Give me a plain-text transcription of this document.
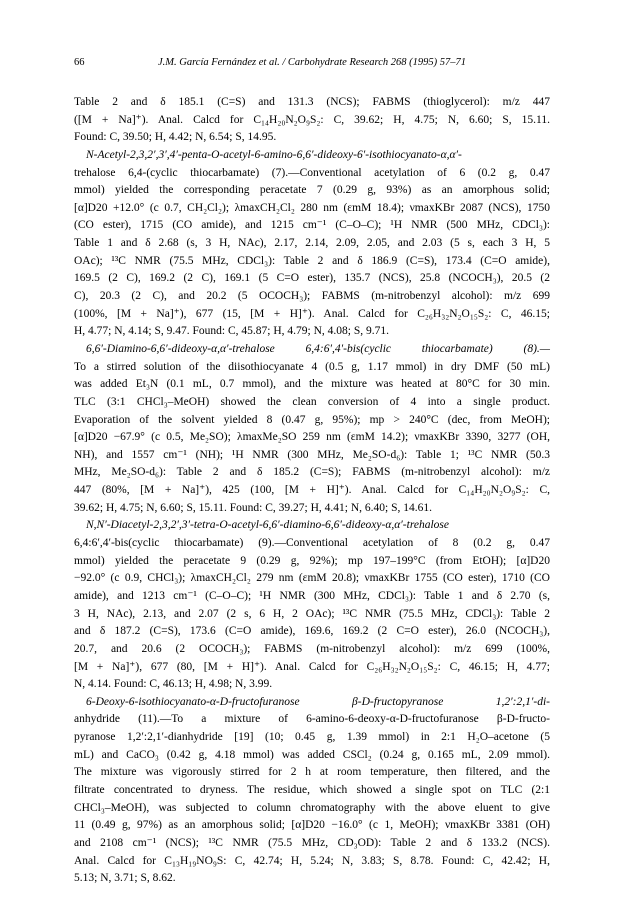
66	J.M. García Fernández et al. / Carbohydrate Research 268 (1995) 57–71
Table 2 and δ 185.1 (C=S) and 131.3 (NCS); FABMS (thioglycerol): m/z 447
([M + Na]⁺). Anal. Calcd for C₁₄H₂₀N₂O₉S₂: C, 39.62; H, 4.75; N, 6.60; S, 15.11.
Found: C, 39.50; H, 4.42; N, 6.54; S, 14.95.
N-Acetyl-2,3,2′,3′,4′-penta-O-acetyl-6-amino-6,6′-dideoxy-6′-isothiocyanato-α,α′-
trehalose 6,4-(cyclic thiocarbamate) (7).—Conventional acetylation of 6 (0.2 g, 0.47
mmol) yielded the corresponding peracetate 7 (0.29 g, 93%) as an amorphous solid;
[α]D20 +12.0° (c 0.7, CH₂Cl₂); λmaxCH₂Cl₂ 280 nm (εmM 18.4); νmaxKBr 2087 (NCS), 1750
(CO ester), 1715 (CO amide), and 1215 cm⁻¹ (C–O–C); ¹H NMR (500 MHz, CDCl₃):
Table 1 and δ 2.68 (s, 3 H, NAc), 2.17, 2.14, 2.09, 2.05, and 2.03 (5 s, each 3 H, 5
OAc); ¹³C NMR (75.5 MHz, CDCl₃): Table 2 and δ 186.9 (C=S), 173.4 (C=O amide),
169.5 (2 C), 169.2 (2 C), 169.1 (5 C=O ester), 135.7 (NCS), 25.8 (NCOCH₃), 20.5 (2
C), 20.3 (2 C), and 20.2 (5 OCOCH₃); FABMS (m-nitrobenzyl alcohol): m/z 699
(100%, [M + Na]⁺), 677 (15, [M + H]⁺). Anal. Calcd for C₂₆H₃₂N₂O₁₅S₂: C, 46.15;
H, 4.77; N, 4.14; S, 9.47. Found: C, 45.87; H, 4.79; N, 4.08; S, 9.71.
6,6′-Diamino-6,6′-dideoxy-α,α′-trehalose 6,4:6′,4′-bis(cyclic thiocarbamate) (8).—
To a stirred solution of the diisothiocyanate 4 (0.5 g, 1.17 mmol) in dry DMF (50 mL)
was added Et₃N (0.1 mL, 0.7 mmol), and the mixture was heated at 80°C for 30 min.
TLC (3:1 CHCl₃–MeOH) showed the clean conversion of 4 into a single product.
Evaporation of the solvent yielded 8 (0.47 g, 95%); mp > 240°C (dec, from MeOH);
[α]D20 −67.9° (c 0.5, Me₂SO); λmaxMe₂SO 259 nm (εmM 14.2); νmaxKBr 3390, 3277 (OH,
NH), and 1557 cm⁻¹ (NH); ¹H NMR (300 MHz, Me₂SO-d₆): Table 1; ¹³C NMR (50.3
MHz, Me₂SO-d₆): Table 2 and δ 185.2 (C=S); FABMS (m-nitrobenzyl alcohol): m/z
447 (80%, [M + Na]⁺), 425 (100, [M + H]⁺). Anal. Calcd for C₁₄H₂₀N₂O₉S₂: C,
39.62; H, 4.75; N, 6.60; S, 15.11. Found: C, 39.27; H, 4.41; N, 6.40; S, 14.61.
N,N′-Diacetyl-2,3,2′,3′-tetra-O-acetyl-6,6′-diamino-6,6′-dideoxy-α,α′-trehalose
6,4:6′,4′-bis(cyclic thiocarbamate) (9).—Conventional acetylation of 8 (0.2 g, 0.47
mmol) yielded the peracetate 9 (0.29 g, 92%); mp 197–199°C (from EtOH); [α]D20
−92.0° (c 0.9, CHCl₃); λmaxCH₂Cl₂ 279 nm (εmM 20.8); νmaxKBr 1755 (CO ester), 1710 (CO
amide), and 1213 cm⁻¹ (C–O–C); ¹H NMR (300 MHz, CDCl₃): Table 1 and δ 2.70 (s,
3 H, NAc), 2.13, and 2.07 (2 s, 6 H, 2 OAc); ¹³C NMR (75.5 MHz, CDCl₃): Table 2
and δ 187.2 (C=S), 173.6 (C=O amide), 169.6, 169.2 (2 C=O ester), 26.0 (NCOCH₃),
20.7, and 20.6 (2 OCOCH₃); FABMS (m-nitrobenzyl alcohol): m/z 699 (100%,
[M + Na]⁺), 677 (80, [M + H]⁺). Anal. Calcd for C₂₆H₃₂N₂O₁₅S₂: C, 46.15; H, 4.77;
N, 4.14. Found: C, 46.13; H, 4.98; N, 3.99.
6-Deoxy-6-isothiocyanato-α-D-fructofuranose β-D-fructopyranose 1,2′:2,1′-di-
anhydride (11).—To a mixture of 6-amino-6-deoxy-α-D-fructofuranose β-D-fructo-
pyranose 1,2′:2,1′-dianhydride [19] (10; 0.45 g, 1.39 mmol) in 2:1 H₂O–acetone (5
mL) and CaCO₃ (0.42 g, 4.18 mmol) was added CSCl₂ (0.24 g, 0.165 mL, 2.09 mmol).
The mixture was vigorously stirred for 2 h at room temperature, then filtered, and the
filtrate concentrated to dryness. The residue, which showed a single spot on TLC (2:1
CHCl₃–MeOH), was subjected to column chromatography with the above eluent to give
11 (0.49 g, 97%) as an amorphous solid; [α]D20 −16.0° (c 1, MeOH); νmaxKBr 3381 (OH)
and 2108 cm⁻¹ (NCS); ¹³C NMR (75.5 MHz, CD₃OD): Table 2 and δ 133.2 (NCS).
Anal. Calcd for C₁₃H₁₉NO₉S: C, 42.74; H, 5.24; N, 3.83; S, 8.78. Found: C, 42.42; H,
5.13; N, 3.71; S, 8.62.
